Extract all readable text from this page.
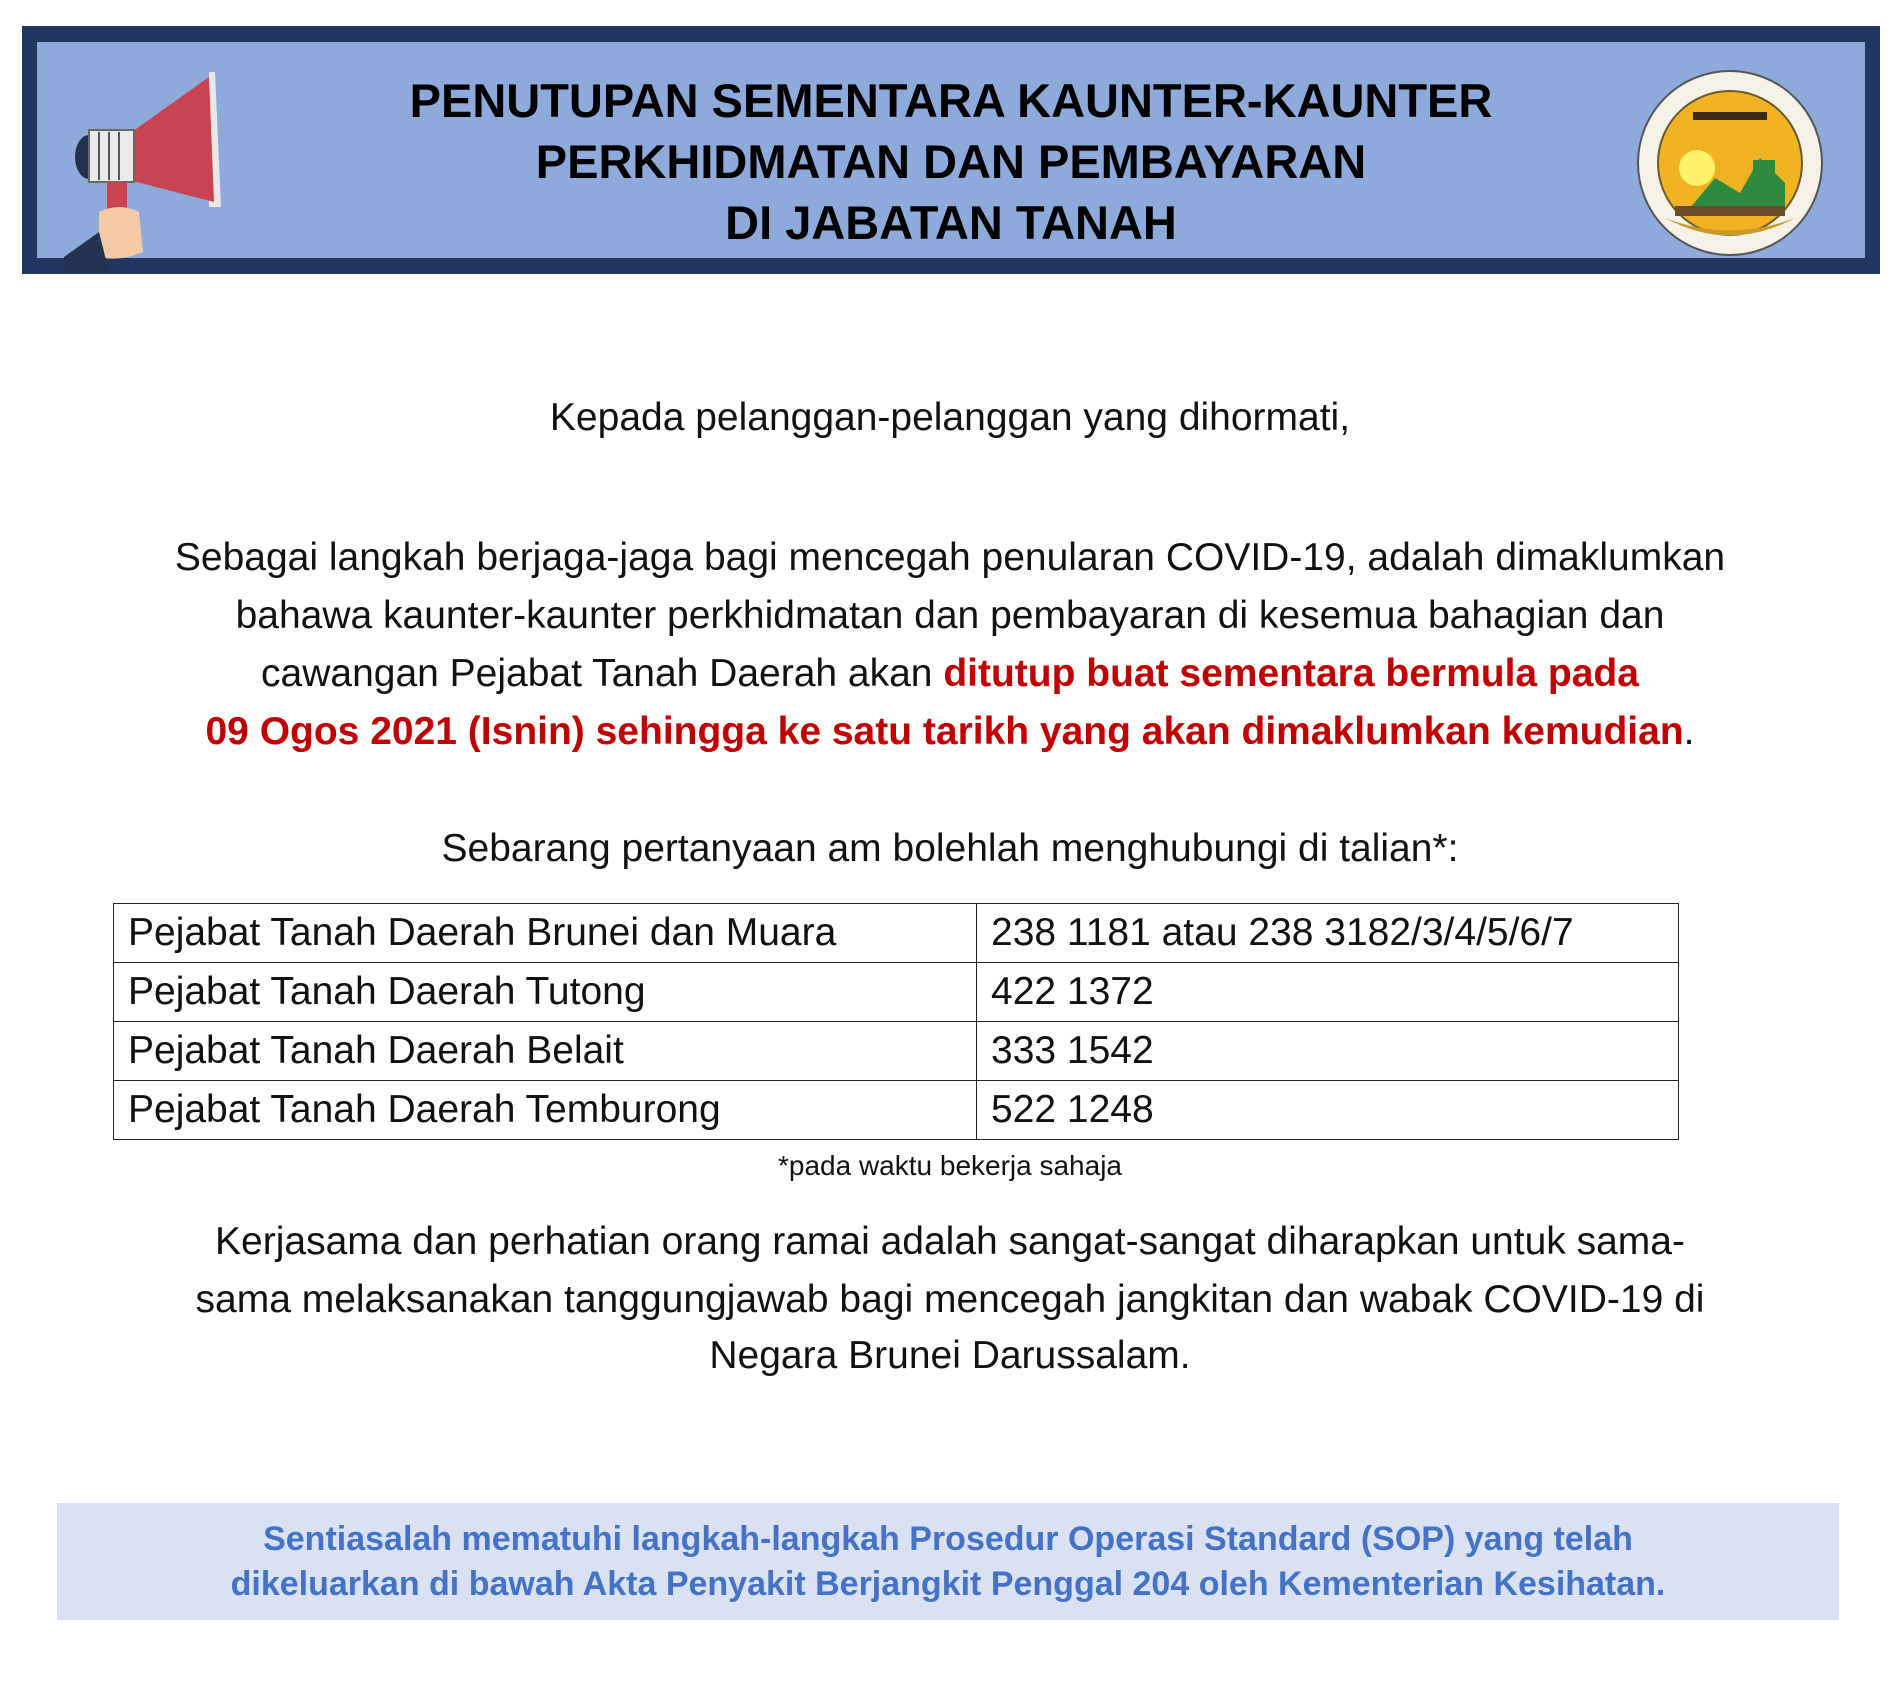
PENUTUPAN SEMENTARA KAUNTER-KAUNTER
PERKHIDMATAN DAN PEMBAYARAN
DI JABATAN TANAH
Kepada pelanggan-pelanggan yang dihormati,
Sebagai langkah berjaga-jaga bagi mencegah penularan COVID-19, adalah dimaklumkan
bahawa kaunter-kaunter perkhidmatan dan pembayaran di kesemua bahagian dan
cawangan Pejabat Tanah Daerah akan ditutup buat sementara bermula pada
09 Ogos 2021 (Isnin) sehingga ke satu tarikh yang akan dimaklumkan kemudian.
Sebarang pertanyaan am bolehlah menghubungi di talian*:
Pejabat Tanah Daerah Brunei dan Muara	238 1181 atau 238 3182/3/4/5/6/7
Pejabat Tanah Daerah Tutong	422 1372
Pejabat Tanah Daerah Belait	333 1542
Pejabat Tanah Daerah Temburong	522 1248
*pada waktu bekerja sahaja
Kerjasama dan perhatian orang ramai adalah sangat-sangat diharapkan untuk sama-
sama melaksanakan tanggungjawab bagi mencegah jangkitan dan wabak COVID-19 di
Negara Brunei Darussalam.
Sentiasalah mematuhi langkah-langkah Prosedur Operasi Standard (SOP) yang telah
dikeluarkan di bawah Akta Penyakit Berjangkit Penggal 204 oleh Kementerian Kesihatan.
